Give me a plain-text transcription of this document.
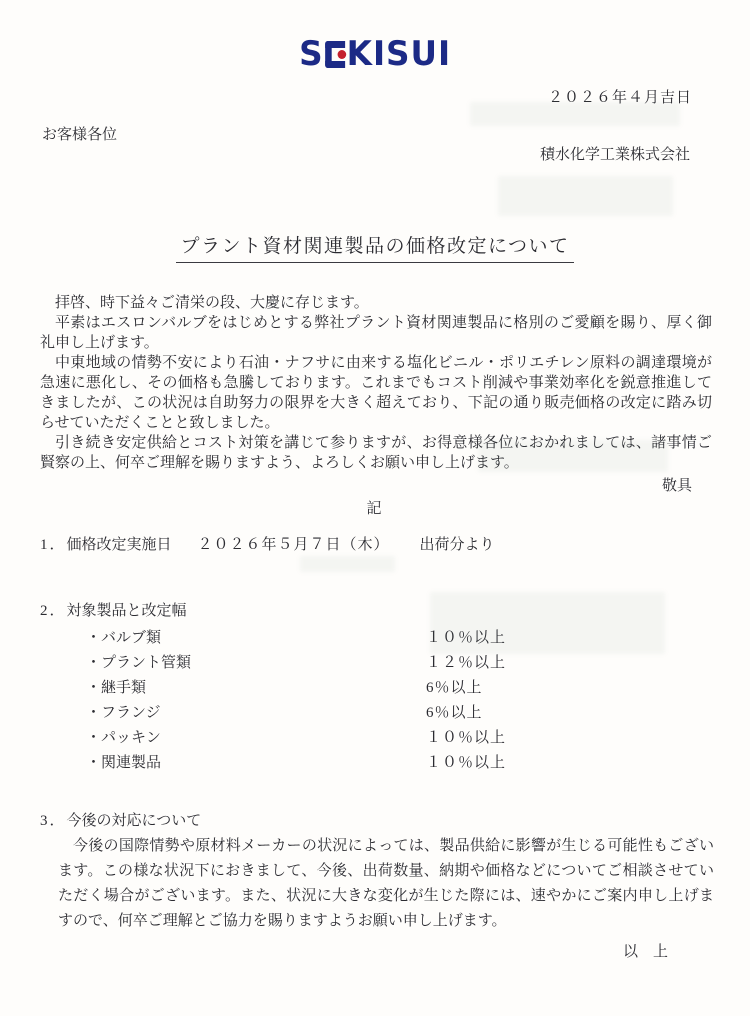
S KISUI
２０２６年４月吉日
お客様各位
積水化学工業株式会社
プラント資材関連製品の価格改定について

拝啓、時下益々ご清栄の段、大慶に存じます。

平素はエスロンバルブをはじめとする弊社プラント資材関連製品に格別のご愛顧を賜り、厚く御礼申し上げます。

中東地域の情勢不安により石油・ナフサに由来する塩化ビニル・ポリエチレン原料の調達環境が急速に悪化し、その価格も急騰しております。これまでもコスト削減や事業効率化を鋭意推進してきましたが、この状況は自助努力の限界を大きく超えており、下記の通り販売価格の改定に踏み切らせていただくことと致しました。

引き続き安定供給とコスト対策を講じて参りますが、お得意様各位におかれましては、諸事情ご賢察の上、何卒ご理解を賜りますよう、よろしくお願い申し上げます。

敬具
記
1．価格改定実施日 ２０２６年５月７日（木） 出荷分より
2．対象製品と改定幅
・バルブ類	１０％以上
・プラント管類	１２％以上
・継手類	6％以上
・フランジ	6％以上
・パッキン	１０％以上
・関連製品	１０％以上
3．今後の対応について

今後の国際情勢や原材料メーカーの状況によっては、製品供給に影響が生じる可能性もございます。この様な状況下におきまして、今後、出荷数量、納期や価格などについてご相談させていただく場合がございます。また、状況に大きな変化が生じた際には、速やかにご案内申し上げますので、何卒ご理解とご協力を賜りますようお願い申し上げます。

以　上
